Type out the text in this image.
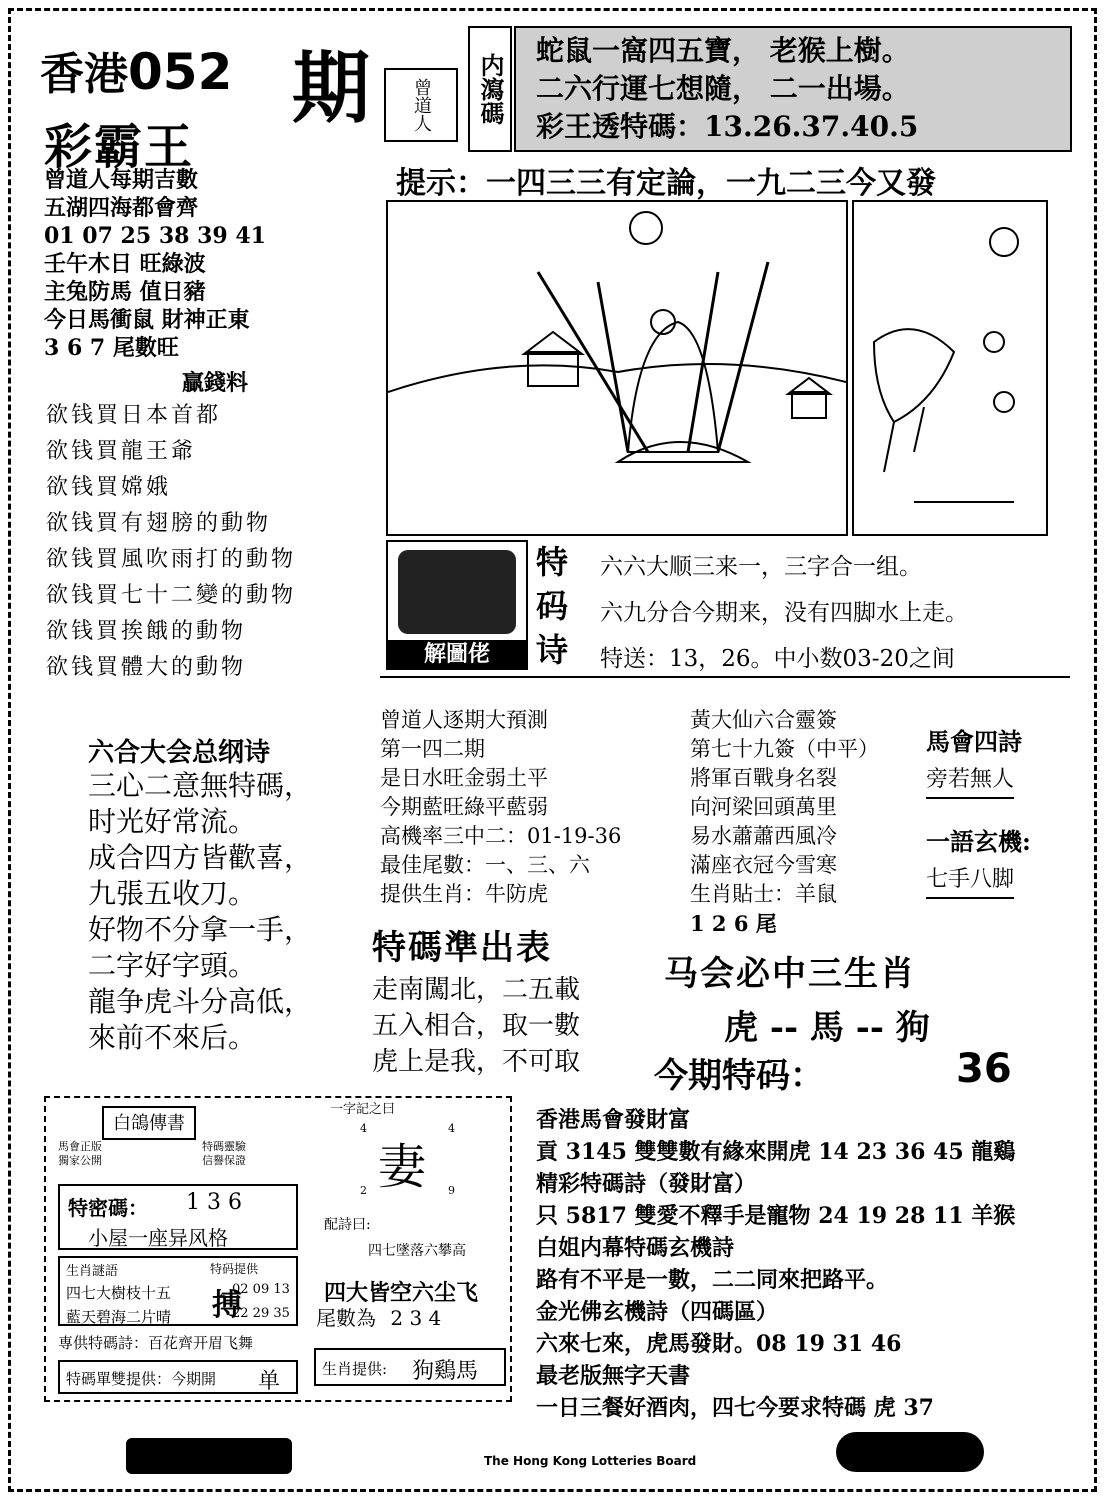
香港052 期
彩霸王
曾道人	内瀉碼
蛇鼠一窩四五寶， 老猴上樹。
二六行運七想隨， 二一出場。
彩王透特碼：13.26.37.40.5
提示：一四三三有定論，一九二三今又發
曾道人每期吉數
五湖四海都會齊
01 07 25 38 39 41
壬午木日 旺綠波
主兔防馬 值日豬
今日馬衝鼠 財神正東
3 6 7 尾數旺
贏錢料
欲钱買日本首都
欲钱買龍王爺
欲钱買嫦娥
欲钱買有翅膀的動物
欲钱買風吹雨打的動物
欲钱買七十二變的動物
欲钱買挨餓的動物
欲钱買體大的動物
解圖佬
特
码
诗
六六大顺三来一，三字合一组。
六九分合今期来，没有四脚水上走。
特送：13，26。中小数03-20之间
六合大会总纲诗
三心二意無特碼，
时光好常流。
成合四方皆歡喜，
九張五收刀。
好物不分拿一手，
二字好字頭。
龍争虎斗分高低，
來前不來后。
曾道人逐期大預測
第一四二期
是日水旺金弱土平
今期藍旺綠平藍弱
高機率三中二：01-19-36
最佳尾數：一、三、六
提供生肖：牛防虎
黃大仙六合靈簽
第七十九簽（中平）
將軍百戰身名裂
向河梁回頭萬里
易水蕭蕭西風冷
滿座衣冠今雪寒
生肖貼士：羊鼠
1 2 6 尾
馬會四詩
旁若無人
一語玄機:
七手八脚
特碼準出表
走南闖北，二五載
五入相合，取一數
虎上是我，不可取
马会必中三生肖
虎 -- 馬 -- 狗
今期特码：	36
白鴿傳書
馬會正版
獨家公開
特碼靈驗
信譽保證
特密碼： 1 3 6
小屋一座异风格
生肖謎語
四七大樹枝十五
藍天碧海二片晴
特码提供
搏
02 09 13
22 29 35
専供特碼詩：百花齊开眉飞舞
特碼單雙提供：今期開 单
一字記之曰
4	4
2	9
妻
配詩曰:
四七墜落六攀高
四大皆空六尘飞
尾數為 2 3 4
生肖提供: 狗鷄馬
香港馬會發財富
貢 3145 雙雙數有緣來開虎 14 23 36 45 龍鷄
精彩特碼詩（發財富）
只 5817 雙愛不釋手是寵物 24 19 28 11 羊猴
白姐内幕特碼玄機詩
路有不平是一數，二二同來把路平。
金光佛玄機詩（四碼區）
六來七來，虎馬發財。08 19 31 46
最老版無字天書
一日三餐好酒肉，四七今要求特碼 虎 37
The Hong Kong Lotteries Board
